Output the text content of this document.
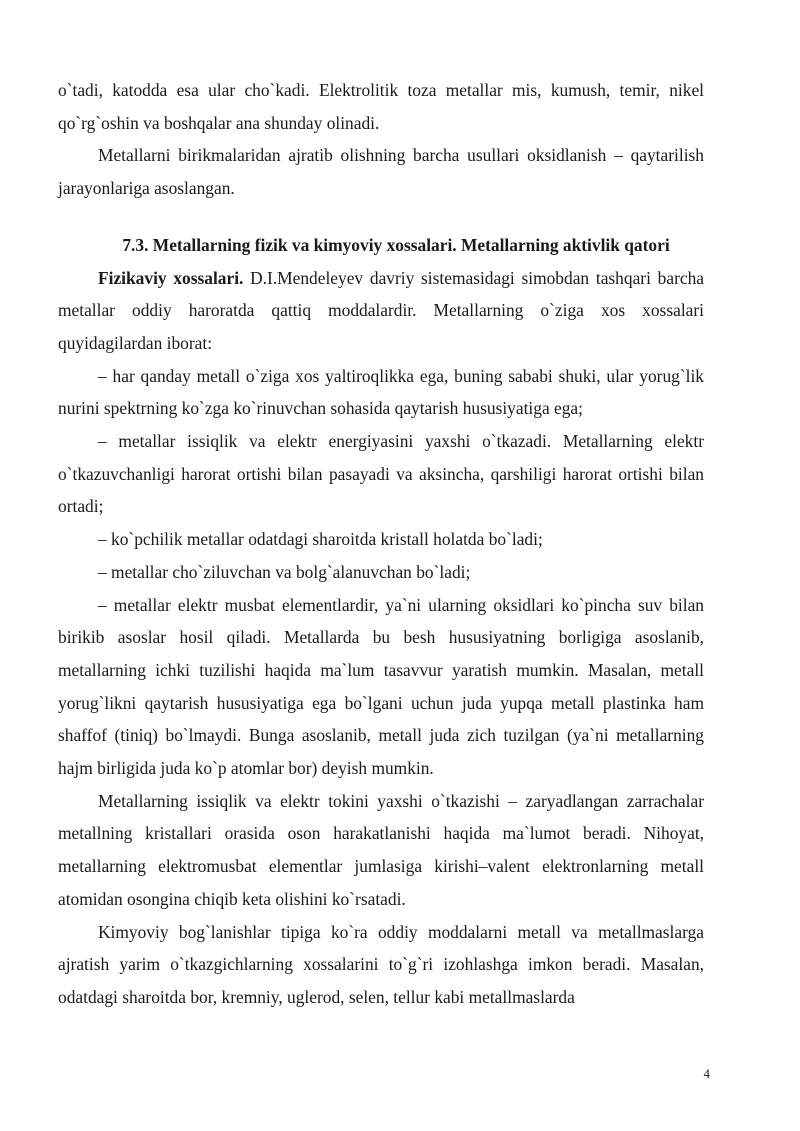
o`tadi, katodda esa ular cho`kadi. Elektrolitik toza metallar mis, kumush, temir, nikel qo`rg`oshin va boshqalar ana shunday olinadi.

Metallarni birikmalaridan ajratib olishning barcha usullari oksidlanish – qaytarilish jarayonlariga asoslangan.

7.3. Metallarning fizik va kimyoviy xossalari. Metallarning aktivlik qatori

Fizikaviy xossalari. D.I.Mendeleyev davriy sistemasidagi simobdan tashqari barcha metallar oddiy haroratda qattiq moddalardir. Metallarning o`ziga xos xossalari quyidagilardan iborat:

– har qanday metall o`ziga xos yaltiroqlikka ega, buning sababi shuki, ular yorug`lik nurini spektrning ko`zga ko`rinuvchan sohasida qaytarish hususiyatiga ega;

– metallar issiqlik va elektr energiyasini yaxshi o`tkazadi. Metallarning elektr o`tkazuvchanligi harorat ortishi bilan pasayadi va aksincha, qarshiligi harorat ortishi bilan ortadi;

– ko`pchilik metallar odatdagi sharoitda kristall holatda bo`ladi;

– metallar cho`ziluvchan va bolg`alanuvchan bo`ladi;

– metallar elektr musbat elementlardir, ya`ni ularning oksidlari ko`pincha suv bilan birikib asoslar hosil qiladi. Metallarda bu besh hususiyatning borligiga asoslanib, metallarning ichki tuzilishi haqida ma`lum tasavvur yaratish mumkin. Masalan, metall yorug`likni qaytarish hususiyatiga ega bo`lgani uchun juda yupqa metall plastinka ham shaffof (tiniq) bo`lmaydi. Bunga asoslanib, metall juda zich tuzilgan (ya`ni metallarning hajm birligida juda ko`p atomlar bor) deyish mumkin.

Metallarning issiqlik va elektr tokini yaxshi o`tkazishi – zaryadlangan zarrachalar metallning kristallari orasida oson harakatlanishi haqida ma`lumot beradi. Nihoyat, metallarning elektromusbat elementlar jumlasiga kirishi–valent elektronlarning metall atomidan osongina chiqib keta olishini ko`rsatadi.

Kimyoviy bog`lanishlar tipiga ko`ra oddiy moddalarni metall va metallmaslarga ajratish yarim o`tkazgichlarning xossalarini to`g`ri izohlashga imkon beradi. Masalan, odatdagi sharoitda bor, kremniy, uglerod, selen, tellur kabi metallmaslarda

4
